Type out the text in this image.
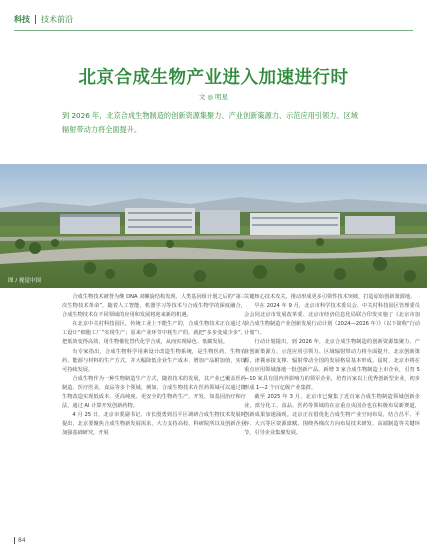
科技 技术前沿
北京合成生物产业进入加速进行时
文 ◎ 明星
到 2026 年，北京合成生物制造的创新资源集聚力、产业创新策源力、示范应用引领力、区域辐射带动力将全面提升。
图 / 视觉中国

合成生物技术被誉为继 DNA 双螺旋结构发现、人类基因组计划之后的“第三次生物技术革命”，随着人工智能、机器学习等技术与合成生物学的深度融合，合成生物技术在不同领域的应用和发展将迎来新的机遇。

在北京中关村科技园区，传统工业上不能生产的，合成生物技术正在通过人工设计“细胞工厂”实现生产；原来产业环节中耗生产的，就把“多步变成少步”，把低效变得高效，用生物催化替代化学合成，从而实现绿色、低碳发展。

有专家指出，合成生物科学用素设计改造生物系统，是生物医药、生物农药、能源与材料的生产方式，并大幅降低企业生产成本、增加产品附加值，实现可持续发展。

合成生物作为一种生物制造生产方式，随着技术的发展，其产业已覆盖医药制造、医疗医美、食品等多个领域，例如，合成生物技术在医药领域可以通过微生物改造实现低成本、更高纯度、更安全的生物药生产，开发，如基因治疗和疗法，通过 AI 计算开发创新药物。

4 月 25 日，北京市委副书记、市长殷勇到昌平区调研合成生物技术发展时提出，北京要聚焦合成生物新发展需求，大力支持高校、科研院所以及创新企业加强基础研究，开展

关键核心技术攻关，推动形成更多引领性技术突破，打造原始创新策源地。

早在 2024 年 9 月，北京市科学技术委员会、中关村科技园区管理委员会会同北京市发展改革委、北京市经济信息化局联合印发实施了《北京市加快合成生物制造产业创新发展行动计划（2024—2026 年）》（以下简称“行动计划”）。

行动计划提出，到 2026 年，北京合成生物制造的创新资源集聚力、产业创新策源力、示范应用引领力、区域辐射带动力将全面提升，北京创新策源、津冀承接支撑、辐射带动全国的发展格局基本形成。届时，北京市将在重点应用领域落地一批创新产品、新增 3 家合成生物制造上市企业，引育 5—10 家具有国内外影响力的领军企业，培育百家以上优秀创新型企业，初步形成 1—2 个百亿级产业集群。

截至 2025 年 3 月，北京市已聚集了近百家合成生物制造领域创新企业，部分化工、食品、医药等领域的在京重点央国企也在积极布局新赛道，创新成果加速涌现。北京正在借优化合成生物产业空间布局，结合昌平、平谷、大兴等区资源禀赋，围绕各梯次方向布局技术研发、高端制造等关键环节，引导企业集聚发展。

84
